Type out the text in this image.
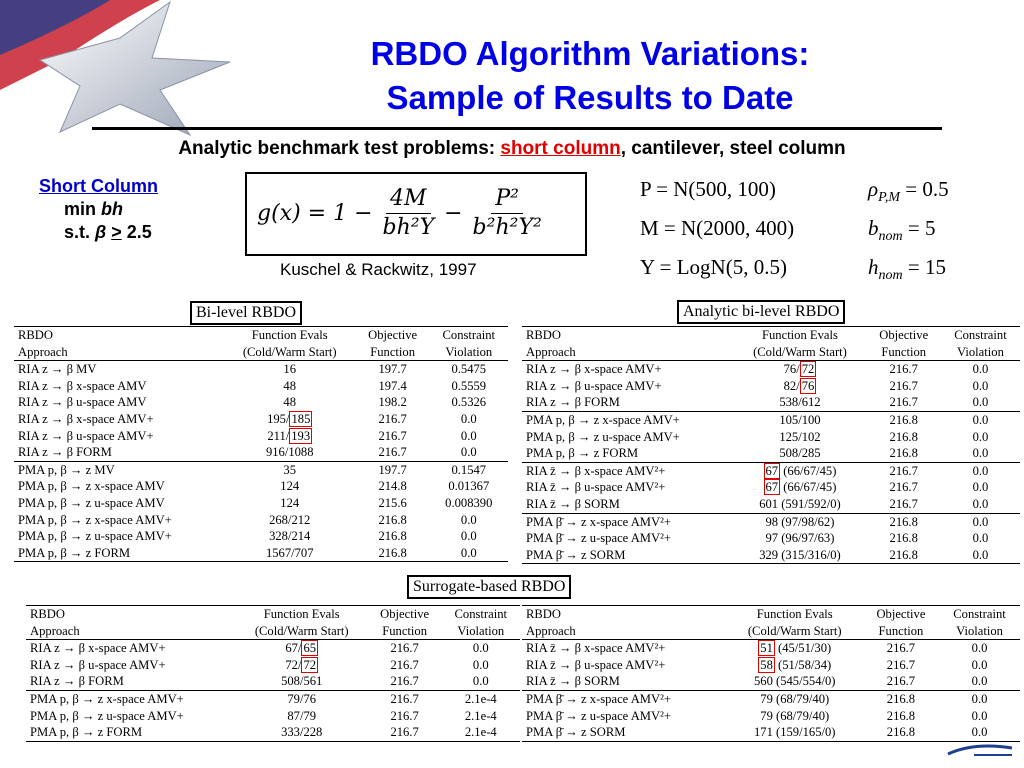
RBDO Algorithm Variations:
Sample of Results to Date
Analytic benchmark test problems: short column, cantilever, steel column
Short Column
min bh
s.t. β ≥ 2.5
$g(x) = 1 - \frac{4M}{\text{bh²Y}} - \frac{\text{P²}}{\text{b²h²Y²}}$
Kuschel & Rackwitz, 1997
P = N(500, 100)	$\rho_{P,M} = 0.5$
M = N(2000, 400)	$b_{nom} = 5$
Y = LogN(5, 0.5)	$h_{nom} = 15$
Bi-level RBDO	Analytic bi-level RBDO
Surrogate-based RBDO
RBDO	Function Evals	Objective	Constraint
Approach	(Cold/Warm Start)	Function	Violation
RIA z → β MV	16	197.7	0.5475
RIA z → β x-space AMV	48	197.4	0.5559
RIA z → β u-space AMV	48	198.2	0.5326
RIA z → β x-space AMV+	195/ 185	216.7	0.0
RIA z → β u-space AMV+	211/ 193	216.7	0.0
RIA z → β FORM	916/1088	216.7	0.0
PMA p, β → z MV	35	197.7	0.1547
PMA p, β → z x-space AMV	124	214.8	0.01367
PMA p, β → z u-space AMV	124	215.6	0.008390
PMA p, β → z x-space AMV+	268/212	216.8	0.0
PMA p, β → z u-space AMV+	328/214	216.8	0.0
PMA p, β → z FORM	1567/707	216.8	0.0
RBDO	Function Evals	Objective	Constraint
Approach	(Cold/Warm Start)	Function	Violation
RIA z → β x-space AMV+	76/ 72	216.7	0.0
RIA z → β u-space AMV+	82/ 76	216.7	0.0
RIA z → β FORM	538/612	216.7	0.0
PMA p, β → z x-space AMV+	105/100	216.8	0.0
PMA p, β → z u-space AMV+	125/102	216.8	0.0
PMA p, β → z FORM	508/285	216.8	0.0
RIA z̄ → β x-space AMV²+	67 (66/67/45)	216.7	0.0
RIA z̄ → β u-space AMV²+	67 (66/67/45)	216.7	0.0
RIA z̄ → β SORM	601 (591/592/0)	216.7	0.0
PMA β̄ → z x-space AMV²+	98 (97/98/62)	216.8	0.0
PMA β̄ → z u-space AMV²+	97 (96/97/63)	216.8	0.0
PMA β̄ → z SORM	329 (315/316/0)	216.8	0.0
RBDO	Function Evals	Objective	Constraint
Approach	(Cold/Warm Start)	Function	Violation
RIA z → β x-space AMV+	67/ 65	216.7	0.0
RIA z → β u-space AMV+	72/ 72	216.7	0.0
RIA z → β FORM	508/561	216.7	0.0
PMA p, β → z x-space AMV+	79/76	216.7	2.1e-4
PMA p, β → z u-space AMV+	87/79	216.7	2.1e-4
PMA p, β → z FORM	333/228	216.7	2.1e-4
RBDO	Function Evals	Objective	Constraint
Approach	(Cold/Warm Start)	Function	Violation
RIA z̄ → β x-space AMV²+	51 (45/51/30)	216.7	0.0
RIA z̄ → β u-space AMV²+	58 (51/58/34)	216.7	0.0
RIA z̄ → β SORM	560 (545/554/0)	216.7	0.0
PMA β̄ → z x-space AMV²+	79 (68/79/40)	216.8	0.0
PMA β̄ → z u-space AMV²+	79 (68/79/40)	216.8	0.0
PMA β̄ → z SORM	171 (159/165/0)	216.8	0.0
